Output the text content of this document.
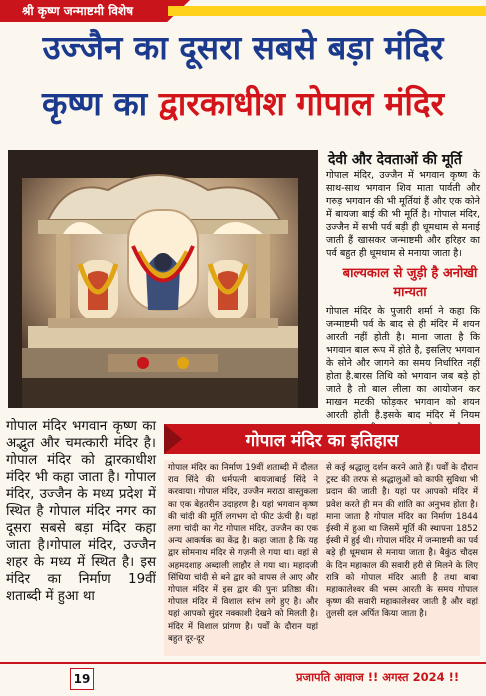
श्री कृष्ण जन्माष्टमी विशेष
उज्जैन का दूसरा सबसे बड़ा मंदिर
कृष्ण का द्वारकाधीश गोपाल मंदिर
देवी और देवताओं की मूर्ति
गोपाल मंदिर, उज्जैन में भगवान कृष्ण के साथ-साथ भगवान शिव माता पार्वती और गरुड़ भगवान की भी मूर्तियां हैं और एक कोने में बायजा बाई की भी मूर्ति है। गोपाल मंदिर, उज्जैन में सभी पर्व बड़ी ही धूमधाम से मनाई जाती हैं खासकर जन्माष्टमी और हरिहर का पर्व बहुत ही धूमधाम से मनाया जाता है।
बाल्यकाल से जुड़ी है अनोखी मान्यता
गोपाल मंदिर के पुजारी शर्मा ने कहा कि जन्माष्टमी पर्व के बाद से ही मंदिर में शयन आरती नहीं होती है। माना जाता है कि भगवान बाल रूप में होते है, इसलिए भगवान के सोने और जागने का समय निर्धारित नहीं होता है.बारस तिथि को भगवान जब बड़े हो जाते है तो बाल लीला का आयोजन कर माखन मटकी फोड़कर भगवान को शयन आरती होती है.इसके बाद मंदिर में नियम
गोपाल मंदिर भगवान कृष्ण का अद्भुत और चमत्कारी मंदिर है। गोपाल मंदिर को द्वारकाधीश मंदिर भी कहा जाता है। गोपाल मंदिर, उज्जैन के मध्य प्रदेश में स्थित है गोपाल मंदिर नगर का दूसरा सबसे बड़ा मंदिर कहा जाता है।गोपाल मंदिर, उज्जैन शहर के मध्य में स्थित है। इस मंदिर का निर्माण 19वीं शताब्दी में हुआ था
गोपाल मंदिर का इतिहास
गोपाल मंदिर का निर्माण 19वीं शताब्दी में दौलत राव सिंदे की धर्मपत्नी बायजाबाई सिंदे ने करवाया। गोपाल मंदिर, उज्जैन मराठा वास्तुकला का एक बेहतरीन उदाहरण है। यहां भगवान कृष्ण की चांदी की मूर्ति लगभग दो फीट ऊंची है। यहां लगा चांदी का गेट गोपाल मंदिर, उज्जैन का एक अन्य आकर्षक का केंद्र है। कहा जाता है कि यह द्वार सोमनाथ मंदिर से गज़नी ले गया था। वहां से अहमदशाह अब्दाली लाहौर ले गया था। महादजी सिंधिया चांदी से बने द्वार को वापस ले आए और गोपाल मंदिर में इस द्वार की पुनः प्रतिष्ठा की। गोपाल मंदिर में विशाल स्तंभ लगे हुए है। और यहां आपको सुंदर नक्काशी देखने को मिलती है। मंदिर में विशाल प्रांगण है। पर्वों के दौरान यहां बहुत दूर-दूर
से कई श्रद्धालु दर्शन करने आते हैं। पर्वों के दौरान ट्रस्ट की तरफ से श्रद्धालुओं को काफी सुविधा भी प्रदान की जाती है। यहां पर आपको मंदिर में प्रवेश करते ही मन की शांति का अनुभव होता है। माना जाता है गोपाल मंदिर का निर्माण 1844 ईस्वी में हुआ था जिसमें मूर्ति की स्थापना 1852 ईस्वी में हुई थी। गोपाल मंदिर में जन्माष्टमी का पर्व बड़े ही धूमधाम से मनाया जाता है। बैकुंठ चौदस के दिन महाकाल की सवारी हरी से मिलने के लिए रात्रि को गोपाल मंदिर आती है तथा बाबा महाकालेश्वर की भस्म आरती के समय गोपाल कृष्ण की सवारी महाकालेश्वर जाती है और वहां तुलसी दल अर्पित किया जाता है।
19	प्रजापति आवाज !! अगस्त 2024 !!
